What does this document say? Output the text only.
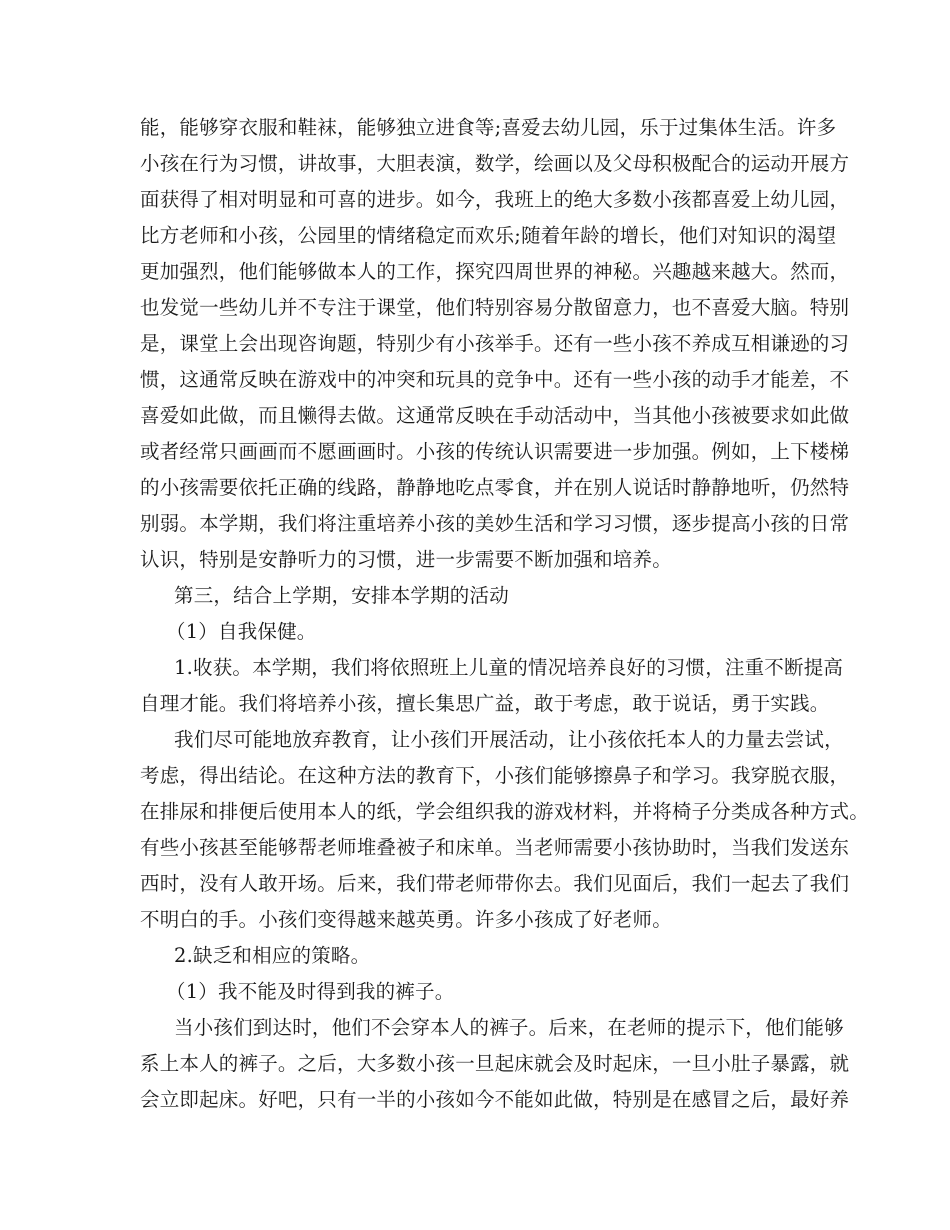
能，能够穿衣服和鞋袜，能够独立进食等;喜爱去幼儿园，乐于过集体生活。许多
小孩在行为习惯，讲故事，大胆表演，数学，绘画以及父母积极配合的运动开展方
面获得了相对明显和可喜的进步。如今，我班上的绝大多数小孩都喜爱上幼儿园，
比方老师和小孩，公园里的情绪稳定而欢乐;随着年龄的增长，他们对知识的渴望
更加强烈，他们能够做本人的工作，探究四周世界的神秘。兴趣越来越大。然而，
也发觉一些幼儿并不专注于课堂，他们特别容易分散留意力，也不喜爱大脑。特别
是，课堂上会出现咨询题，特别少有小孩举手。还有一些小孩不养成互相谦逊的习
惯，这通常反映在游戏中的冲突和玩具的竞争中。还有一些小孩的动手才能差，不
喜爱如此做，而且懒得去做。这通常反映在手动活动中，当其他小孩被要求如此做
或者经常只画画而不愿画画时。小孩的传统认识需要进一步加强。例如，上下楼梯
的小孩需要依托正确的线路，静静地吃点零食，并在别人说话时静静地听，仍然特
别弱。本学期，我们将注重培养小孩的美妙生活和学习习惯，逐步提高小孩的日常
认识，特别是安静听力的习惯，进一步需要不断加强和培养。
第三，结合上学期，安排本学期的活动
（1）自我保健。
1.收获。本学期，我们将依照班上儿童的情况培养良好的习惯，注重不断提高
自理才能。我们将培养小孩，擅长集思广益，敢于考虑，敢于说话，勇于实践。
我们尽可能地放弃教育，让小孩们开展活动，让小孩依托本人的力量去尝试，
考虑，得出结论。在这种方法的教育下，小孩们能够擦鼻子和学习。我穿脱衣服，
在排尿和排便后使用本人的纸，学会组织我的游戏材料，并将椅子分类成各种方式。
有些小孩甚至能够帮老师堆叠被子和床单。当老师需要小孩协助时，当我们发送东
西时，没有人敢开场。后来，我们带老师带你去。我们见面后，我们一起去了我们
不明白的手。小孩们变得越来越英勇。许多小孩成了好老师。
2.缺乏和相应的策略。
（1）我不能及时得到我的裤子。
当小孩们到达时，他们不会穿本人的裤子。后来，在老师的提示下，他们能够
系上本人的裤子。之后，大多数小孩一旦起床就会及时起床，一旦小肚子暴露，就
会立即起床。好吧，只有一半的小孩如今不能如此做，特别是在感冒之后，最好养
